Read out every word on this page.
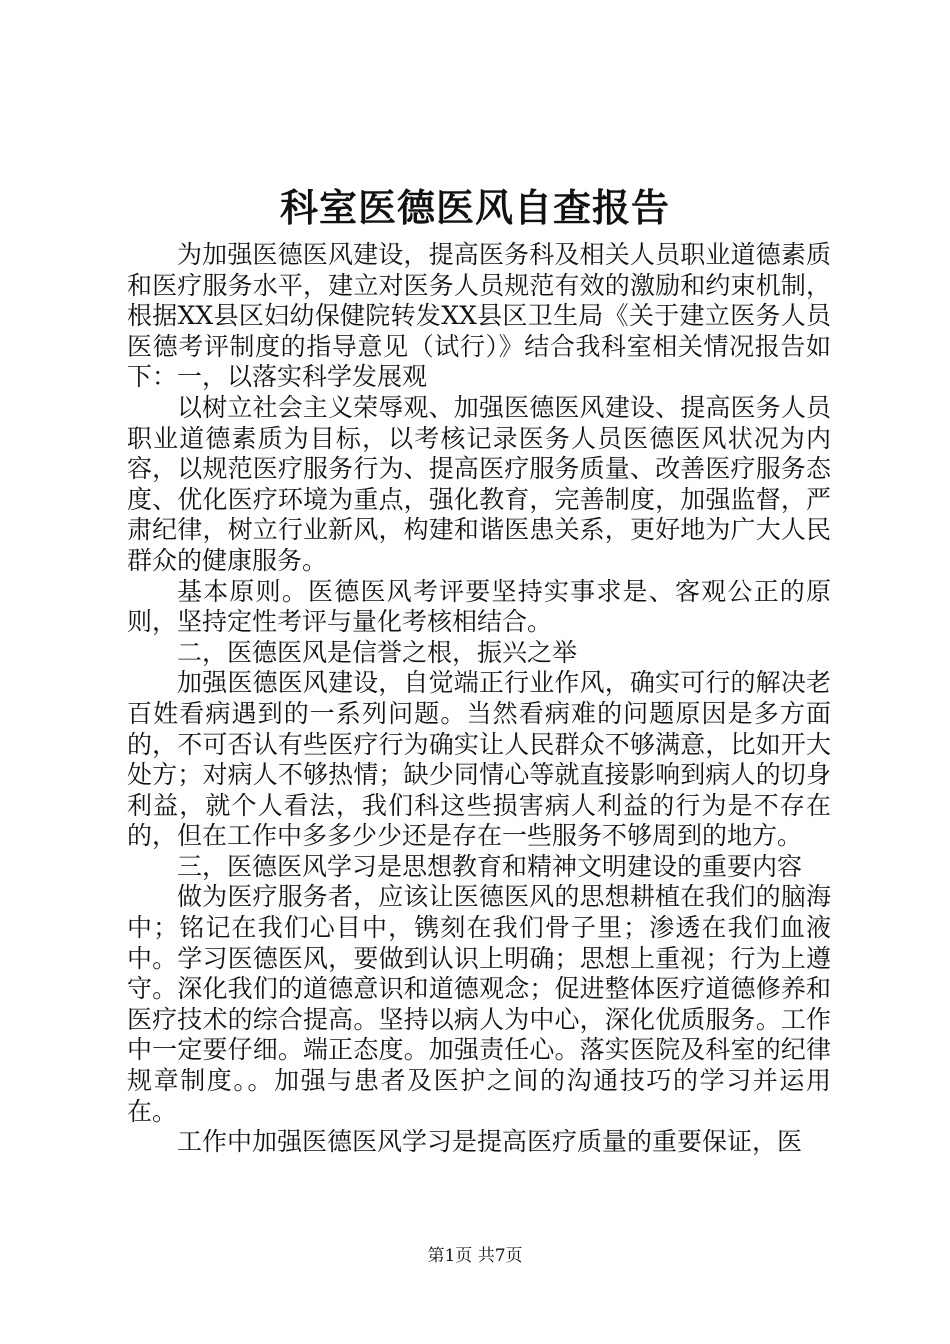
科室医德医风自查报告

为加强医德医风建设，提高医务科及相关人员职业道德素质和医疗服务水平，建立对医务人员规范有效的激励和约束机制，根据XX县区妇幼保健院转发XX县区卫生局《关于建立医务人员医德考评制度的指导意见（试行）》结合我科室相关情况报告如下：一，以落实科学发展观

以树立社会主义荣辱观、加强医德医风建设、提高医务人员职业道德素质为目标，以考核记录医务人员医德医风状况为内容，以规范医疗服务行为、提高医疗服务质量、改善医疗服务态度、优化医疗环境为重点，强化教育，完善制度，加强监督，严肃纪律，树立行业新风，构建和谐医患关系，更好地为广大人民群众的健康服务。

基本原则。医德医风考评要坚持实事求是、客观公正的原则，坚持定性考评与量化考核相结合。

二，医德医风是信誉之根，振兴之举

加强医德医风建设，自觉端正行业作风，确实可行的解决老百姓看病遇到的一系列问题。当然看病难的问题原因是多方面的，不可否认有些医疗行为确实让人民群众不够满意，比如开大处方；对病人不够热情；缺少同情心等就直接影响到病人的切身利益，就个人看法，我们科这些损害病人利益的行为是不存在的，但在工作中多多少少还是存在一些服务不够周到的地方。

三，医德医风学习是思想教育和精神文明建设的重要内容

做为医疗服务者，应该让医德医风的思想耕植在我们的脑海中；铭记在我们心目中，镌刻在我们骨子里；渗透在我们血液中。学习医德医风，要做到认识上明确；思想上重视；行为上遵守。深化我们的道德意识和道德观念；促进整体医疗道德修养和医疗技术的综合提高。坚持以病人为中心，深化优质服务。工作中一定要仔细。端正态度。加强责任心。落实医院及科室的纪律规章制度。。加强与患者及医护之间的沟通技巧的学习并运用在。

工作中加强医德医风学习是提高医疗质量的重要保证，医

第1页 共7页
